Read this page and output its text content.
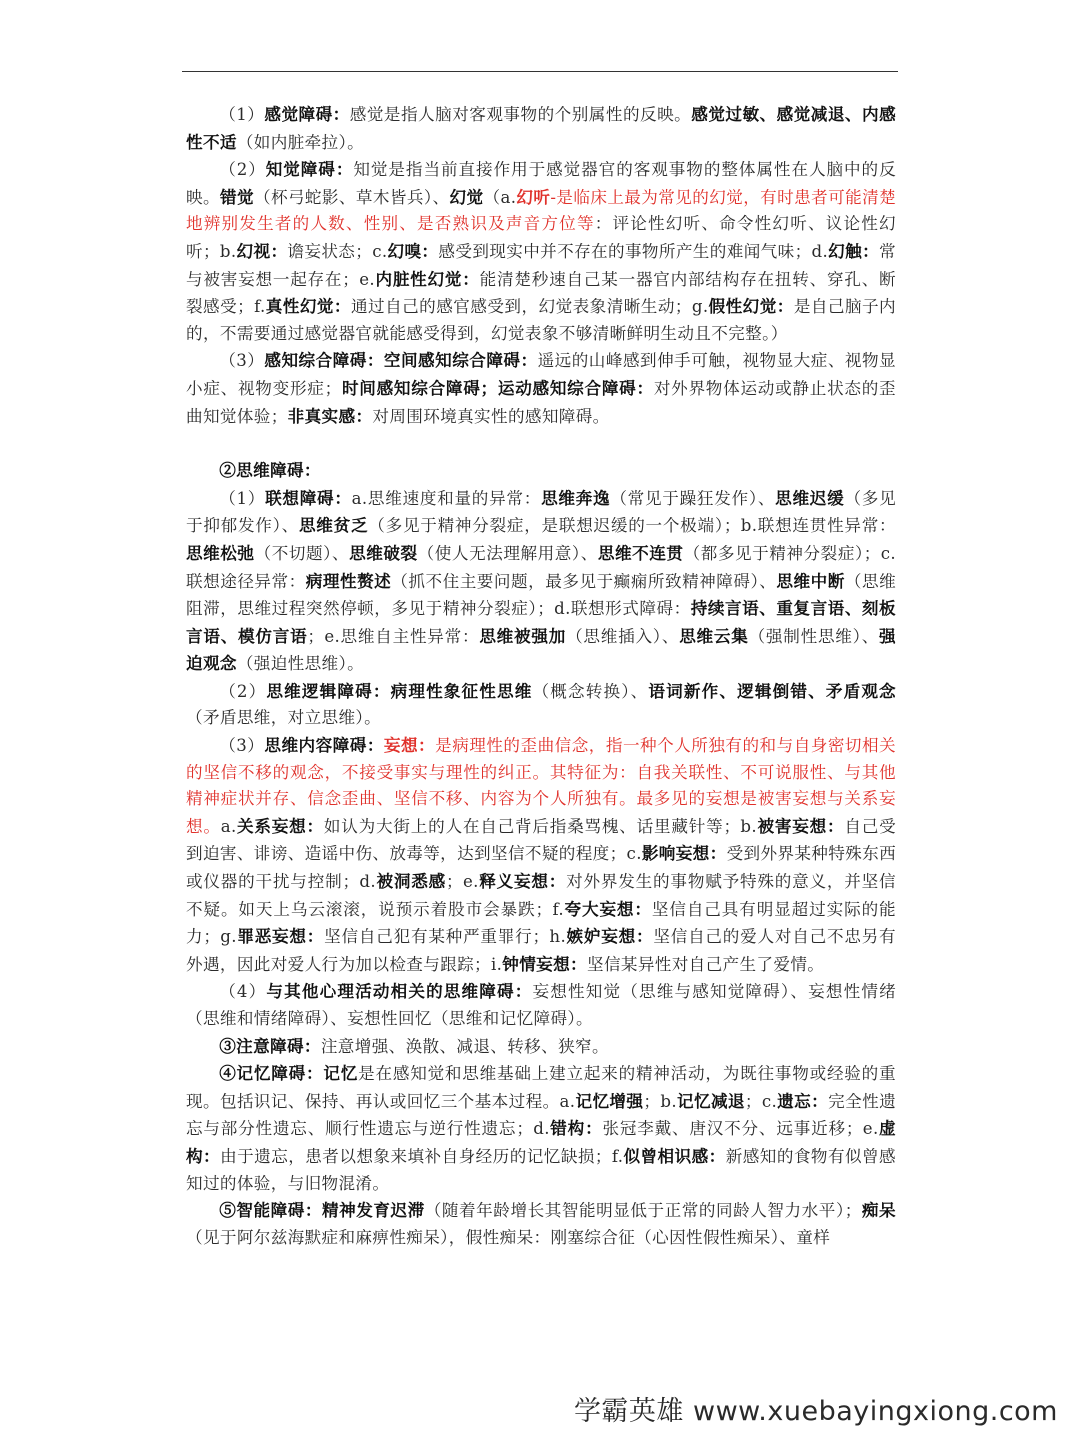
（1）感觉障碍：感觉是指人脑对客观事物的个别属性的反映。感觉过敏、感觉减退、内感性不适（如内脏牵拉）。

（2）知觉障碍：知觉是指当前直接作用于感觉器官的客观事物的整体属性在人脑中的反映。错觉（杯弓蛇影、草木皆兵）、幻觉（a.幻听-是临床上最为常见的幻觉，有时患者可能清楚地辨别发生者的人数、性别、是否熟识及声音方位等：评论性幻听、命令性幻听、议论性幻听；b.幻视：谵妄状态；c.幻嗅：感受到现实中并不存在的事物所产生的难闻气味；d.幻触：常与被害妄想一起存在；e.内脏性幻觉：能清楚秒速自己某一器官内部结构存在扭转、穿孔、断裂感受；f.真性幻觉：通过自己的感官感受到，幻觉表象清晰生动；g.假性幻觉：是自己脑子内的，不需要通过感觉器官就能感受得到，幻觉表象不够清晰鲜明生动且不完整。）

（3）感知综合障碍：空间感知综合障碍：遥远的山峰感到伸手可触，视物显大症、视物显小症、视物变形症；时间感知综合障碍；运动感知综合障碍：对外界物体运动或静止状态的歪曲知觉体验；非真实感：对周围环境真实性的感知障碍。

②思维障碍：

（1）联想障碍：a.思维速度和量的异常：思维奔逸（常见于躁狂发作）、思维迟缓（多见于抑郁发作）、思维贫乏（多见于精神分裂症，是联想迟缓的一个极端）；b.联想连贯性异常：思维松弛（不切题）、思维破裂（使人无法理解用意）、思维不连贯（都多见于精神分裂症）；c.联想途径异常：病理性赘述（抓不住主要问题，最多见于癫痫所致精神障碍）、思维中断（思维阻滞，思维过程突然停顿，多见于精神分裂症）；d.联想形式障碍：持续言语、重复言语、刻板言语、模仿言语；e.思维自主性异常：思维被强加（思维插入）、思维云集（强制性思维）、强迫观念（强迫性思维）。

（2）思维逻辑障碍：病理性象征性思维（概念转换）、语词新作、逻辑倒错、矛盾观念（矛盾思维，对立思维）。

（3）思维内容障碍：妄想：是病理性的歪曲信念，指一种个人所独有的和与自身密切相关的坚信不移的观念，不接受事实与理性的纠正。其特征为：自我关联性、不可说服性、与其他精神症状并存、信念歪曲、坚信不移、内容为个人所独有。最多见的妄想是被害妄想与关系妄想。a.关系妄想：如认为大街上的人在自己背后指桑骂槐、话里藏针等；b.被害妄想：自己受到迫害、诽谤、造谣中伤、放毒等，达到坚信不疑的程度；c.影响妄想：受到外界某种特殊东西或仪器的干扰与控制；d.被洞悉感；e.释义妄想：对外界发生的事物赋予特殊的意义，并坚信不疑。如天上乌云滚滚，说预示着股市会暴跌；f.夸大妄想：坚信自己具有明显超过实际的能力；g.罪恶妄想：坚信自己犯有某种严重罪行；h.嫉妒妄想：坚信自己的爱人对自己不忠另有外遇，因此对爱人行为加以检查与跟踪；i.钟情妄想：坚信某异性对自己产生了爱情。

（4）与其他心理活动相关的思维障碍：妄想性知觉（思维与感知觉障碍）、妄想性情绪（思维和情绪障碍）、妄想性回忆（思维和记忆障碍）。

③注意障碍：注意增强、涣散、减退、转移、狭窄。

④记忆障碍：记忆是在感知觉和思维基础上建立起来的精神活动，为既往事物或经验的重现。包括识记、保持、再认或回忆三个基本过程。a.记忆增强；b.记忆减退；c.遗忘：完全性遗忘与部分性遗忘、顺行性遗忘与逆行性遗忘；d.错构：张冠李戴、唐汉不分、远事近移；e.虚构：由于遗忘，患者以想象来填补自身经历的记忆缺损；f.似曾相识感：新感知的食物有似曾感知过的体验，与旧物混淆。

⑤智能障碍：精神发育迟滞（随着年龄增长其智能明显低于正常的同龄人智力水平）；痴呆（见于阿尔兹海默症和麻痹性痴呆），假性痴呆：刚塞综合征（心因性假性痴呆）、童样

学霸英雄 www.xuebayingxiong.com
